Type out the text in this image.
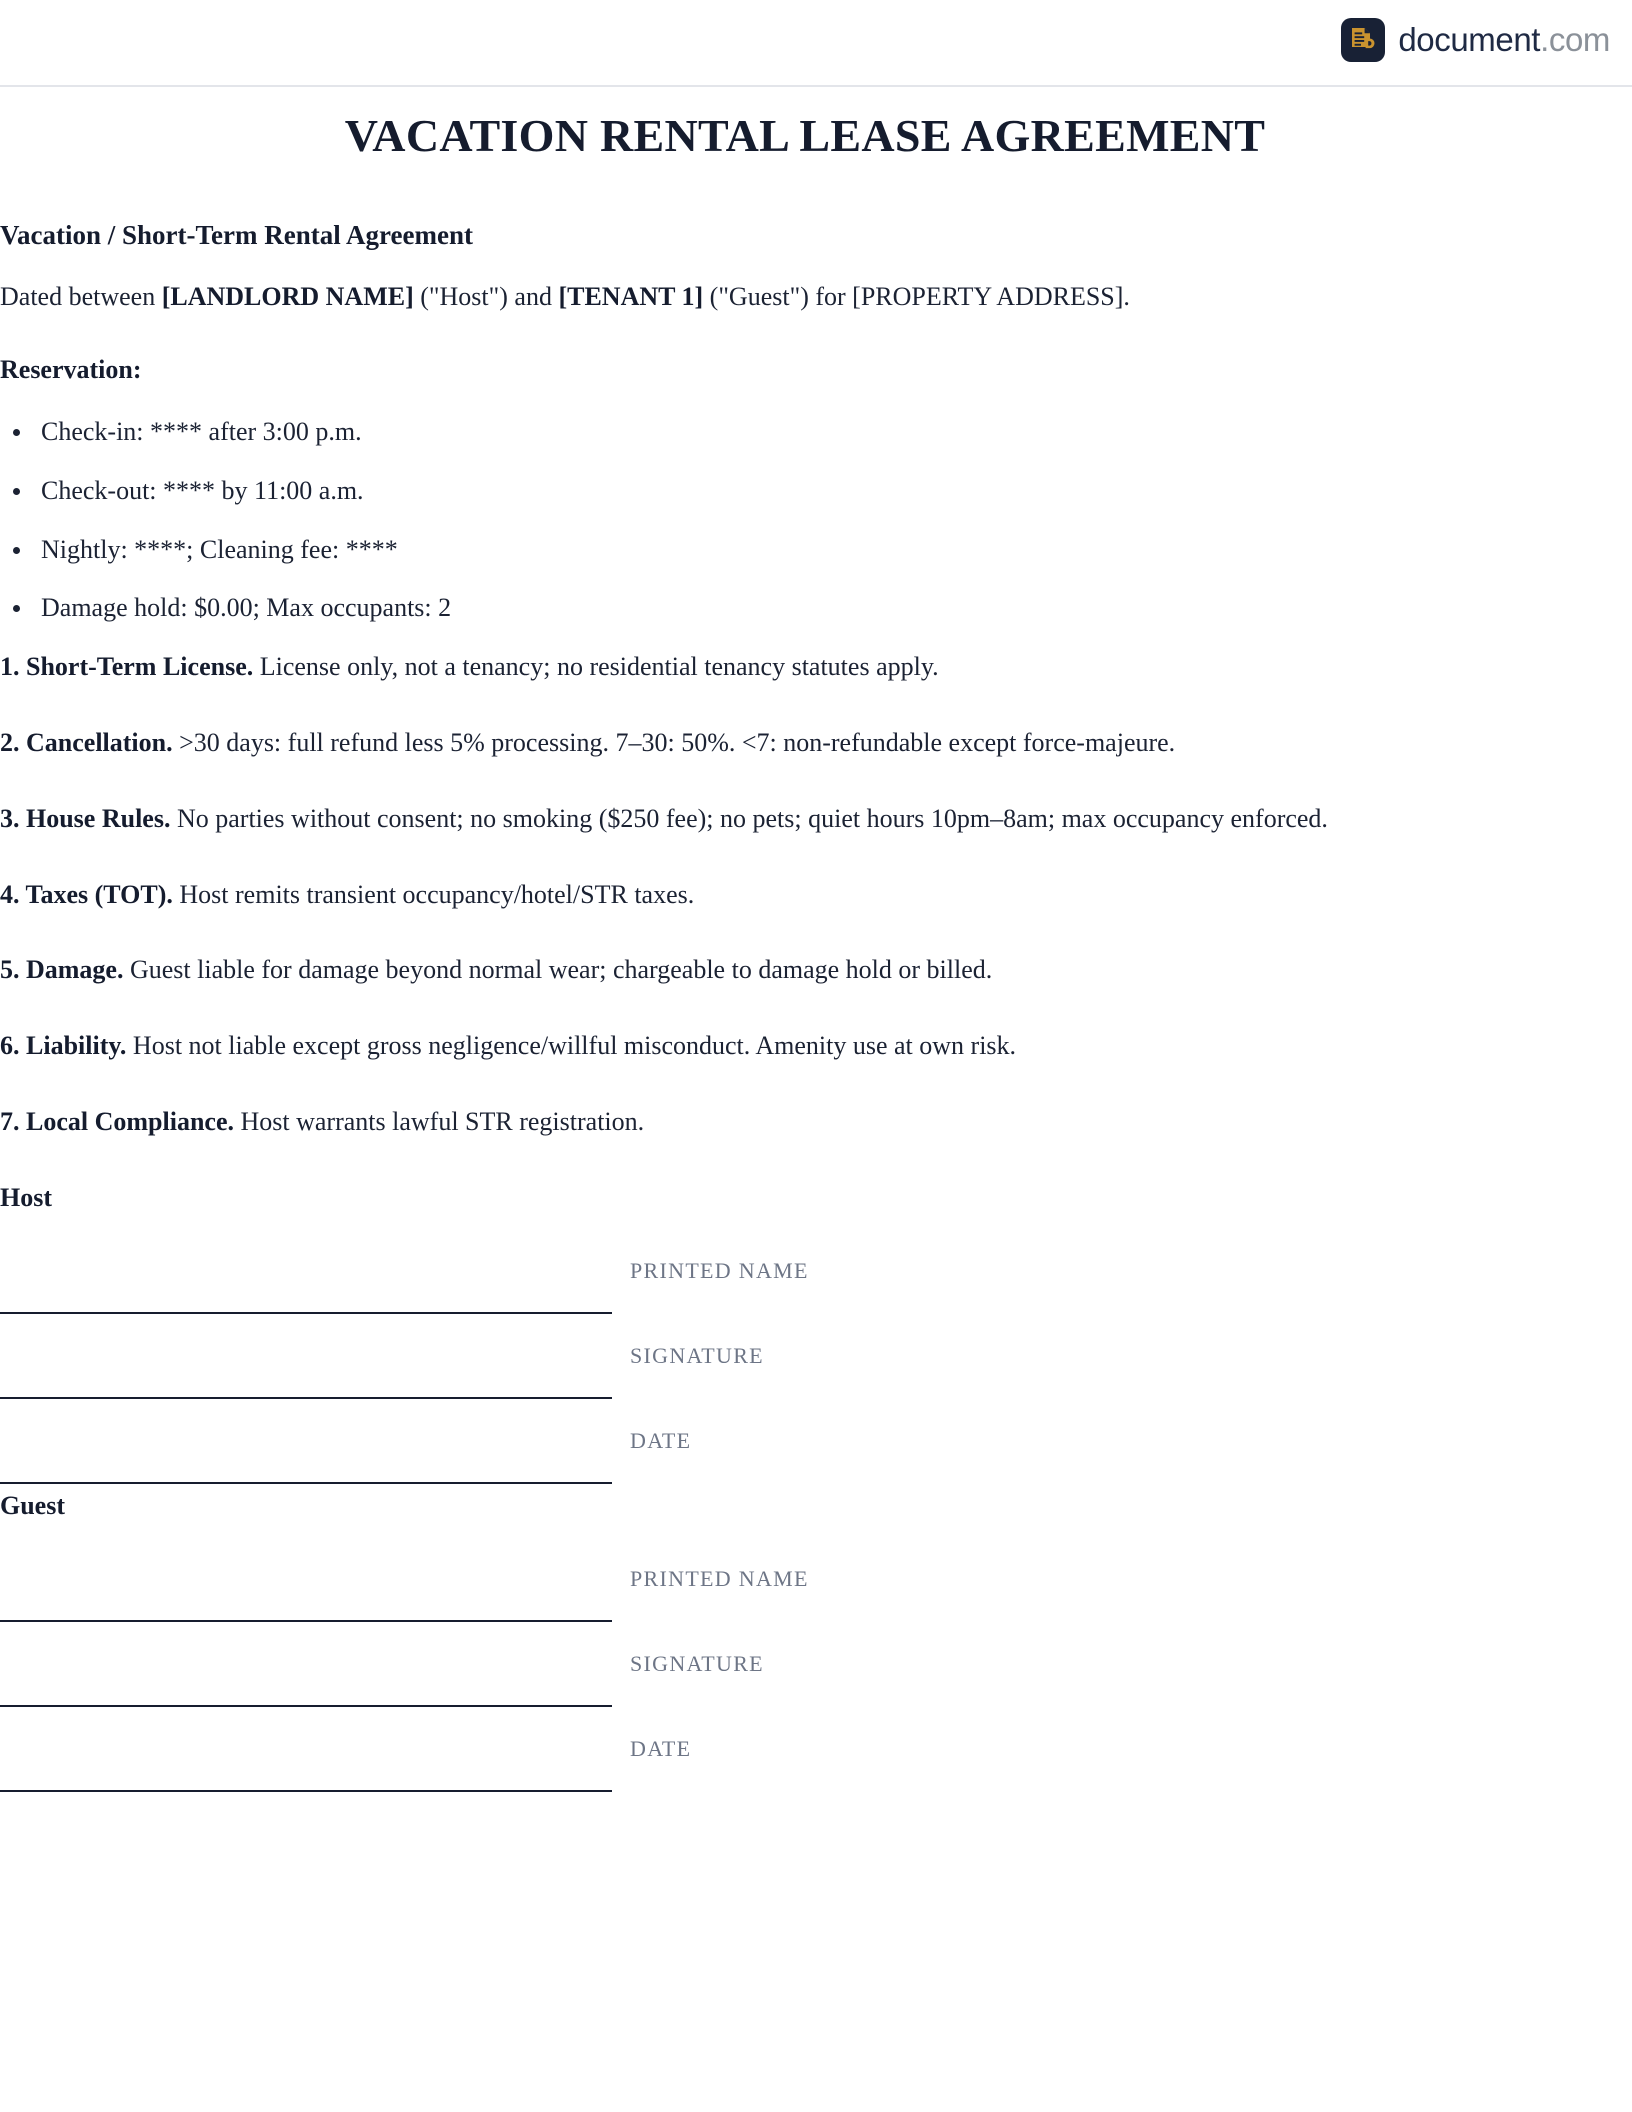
document.com
VACATION RENTAL LEASE AGREEMENT
Vacation / Short-Term Rental Agreement

Dated between [LANDLORD NAME] ("Host") and [TENANT 1] ("Guest") for [PROPERTY ADDRESS].

Reservation:
Check-in: **** after 3:00 p.m.
Check-out: **** by 11:00 a.m.
Nightly: ****; Cleaning fee: ****
Damage hold: $0.00; Max occupants: 2

1. Short-Term License. License only, not a tenancy; no residential tenancy statutes apply.

2. Cancellation. >30 days: full refund less 5% processing. 7–30: 50%. <7: non-refundable except force-majeure.

3. House Rules. No parties without consent; no smoking ($250 fee); no pets; quiet hours 10pm–8am; max occupancy enforced.

4. Taxes (TOT). Host remits transient occupancy/hotel/STR taxes.

5. Damage. Guest liable for damage beyond normal wear; chargeable to damage hold or billed.

6. Liability. Host not liable except gross negligence/willful misconduct. Amenity use at own risk.

7. Local Compliance. Host warrants lawful STR registration.

Host
PRINTED NAME
SIGNATURE
DATE
Guest
PRINTED NAME
SIGNATURE
DATE
